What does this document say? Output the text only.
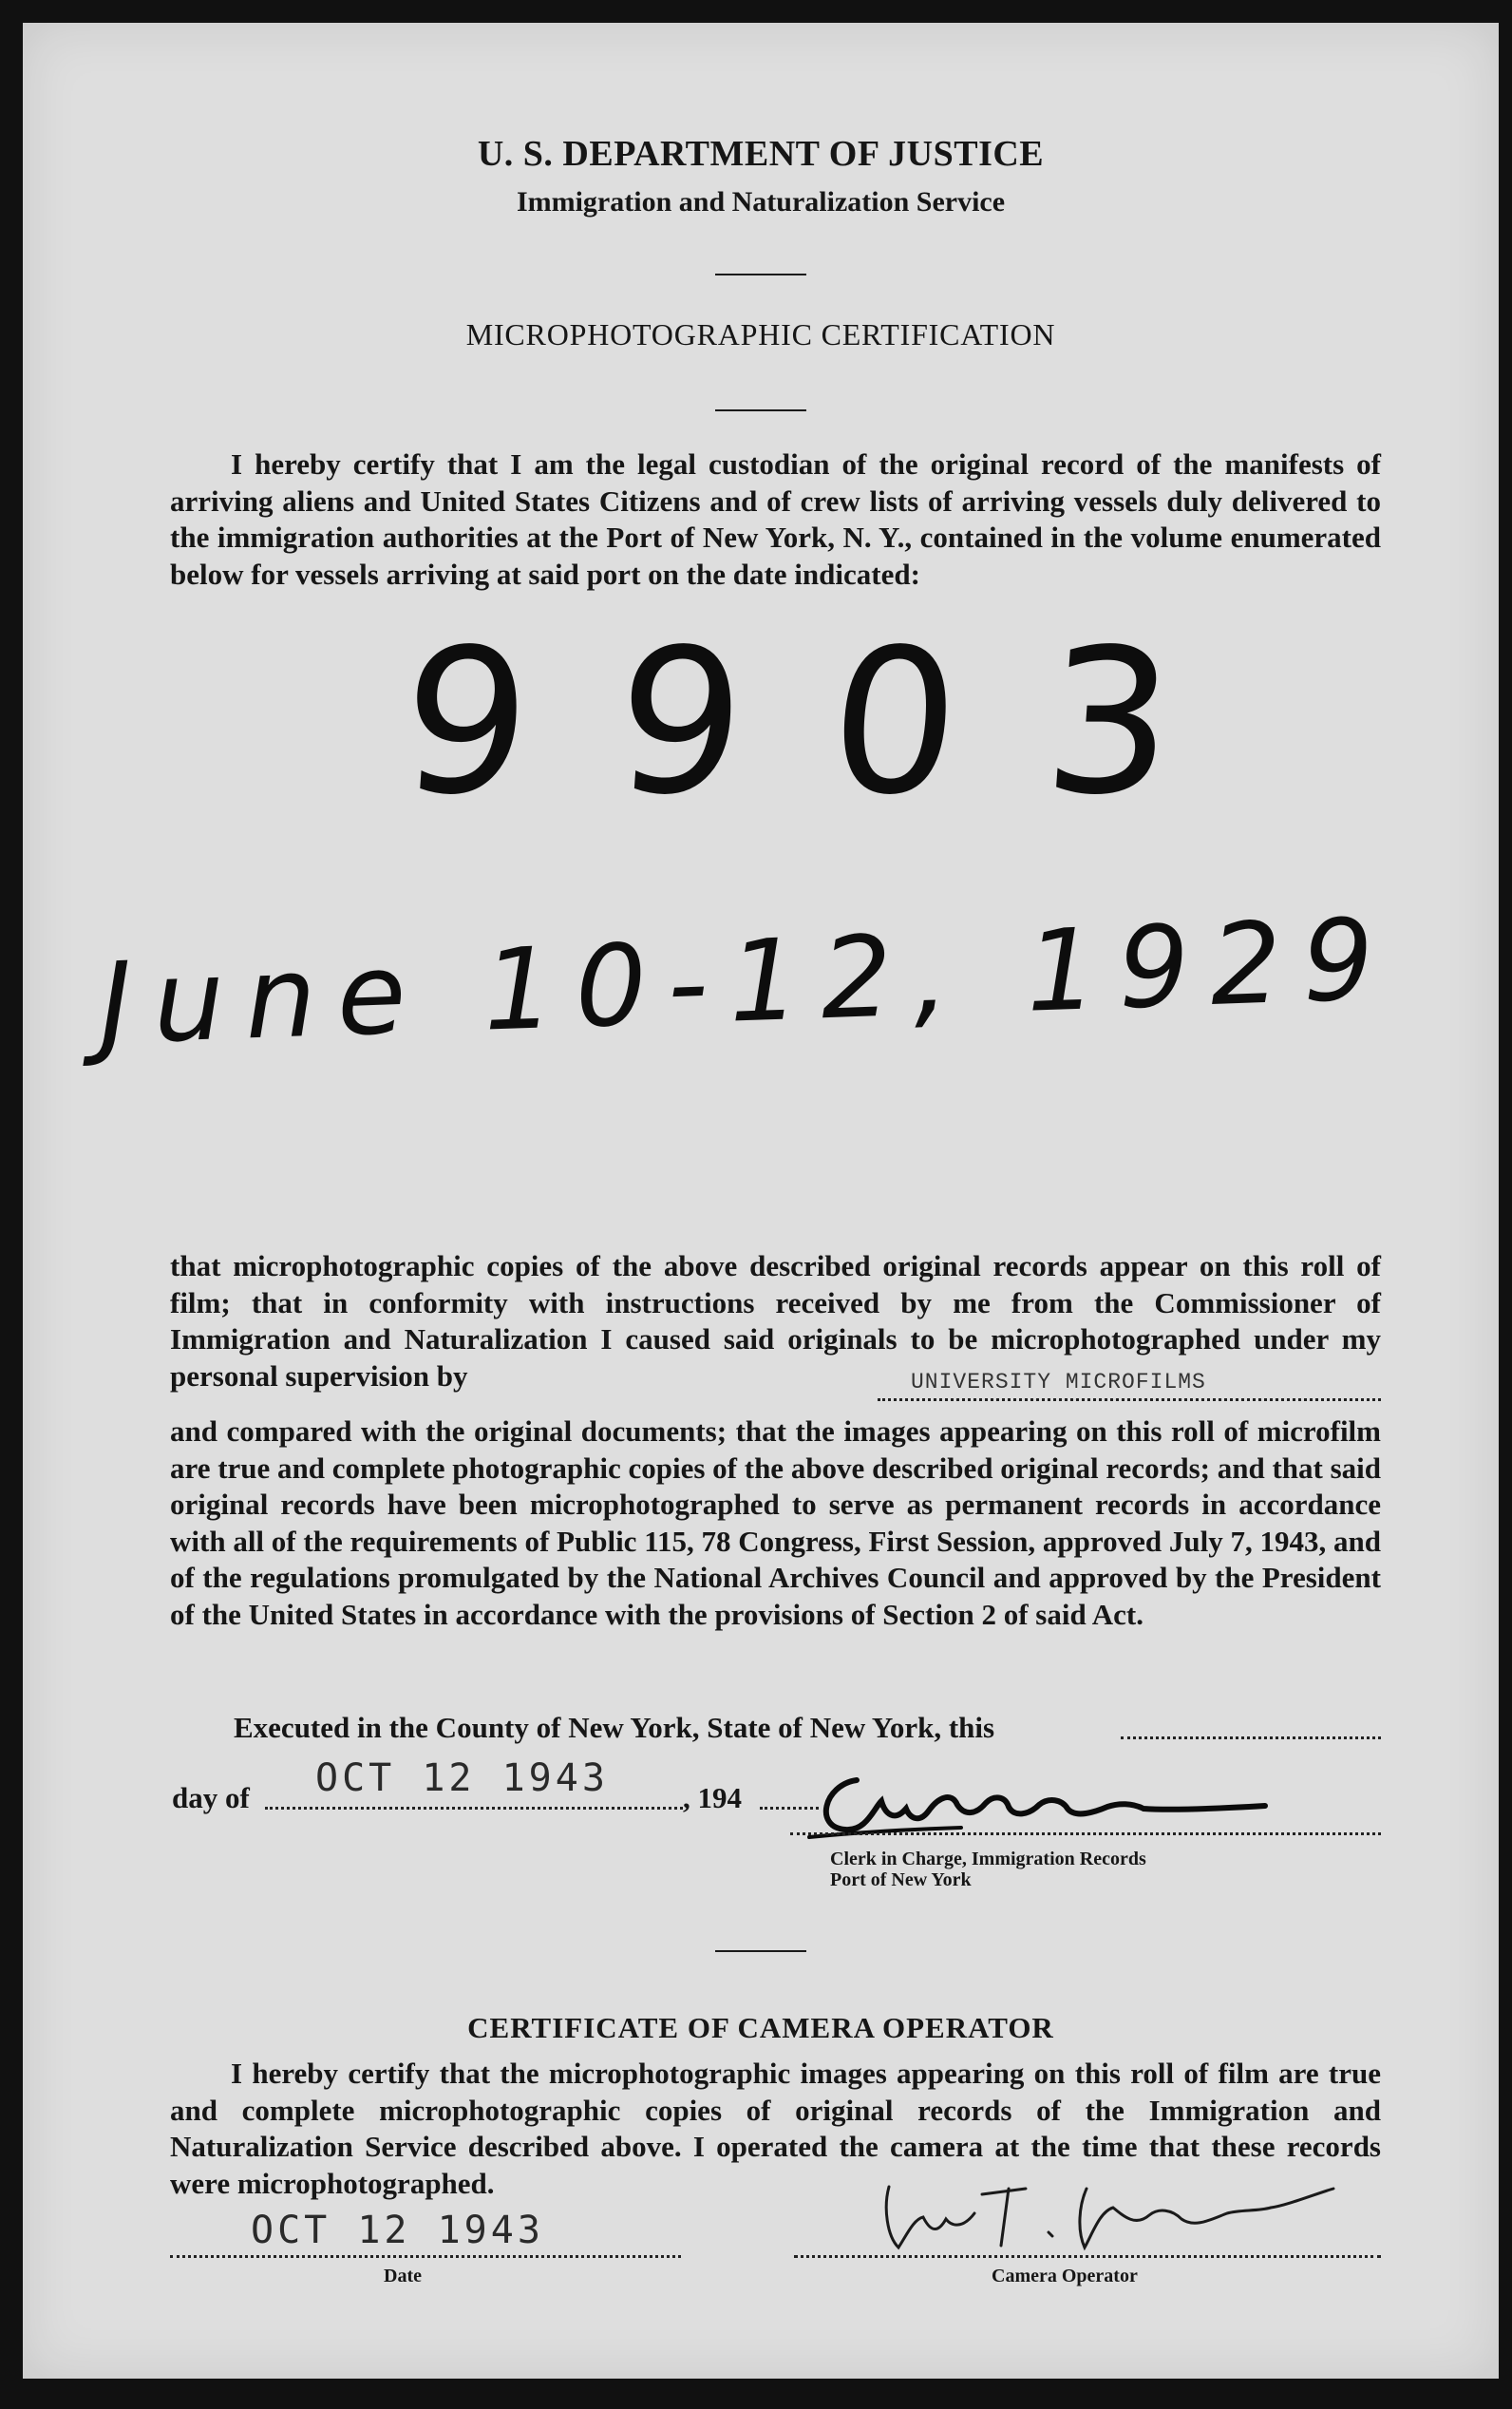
U. S. DEPARTMENT OF JUSTICE
Immigration and Naturalization Service
MICROPHOTOGRAPHIC CERTIFICATION

I hereby certify that I am the legal custodian of the original record of the manifests of arriving aliens and United States Citizens and of crew lists of arriving vessels duly delivered to the immigration authorities at the Port of New York, N. Y., contained in the volume enumerated below for vessels arriving at said port on the date indicated:

9903
June 10-12, 1929

that microphotographic copies of the above described original records appear on this roll of film; that in conformity with instructions received by me from the Commissioner of Immigration and Naturalization I caused said originals to be microphotographed under my personal supervision by	UNIVERSITY MICROFILMS

and compared with the original documents; that the images appearing on this roll of microfilm are true and complete photographic copies of the above described original records; and that said original records have been microphotographed to serve as permanent records in accordance with all of the requirements of Public 115, 78 Congress, First Session, approved July 7, 1943, and of the regulations promulgated by the National Archives Council and approved by the President of the United States in accordance with the provisions of Section 2 of said Act.

Executed in the County of New York, State of New York, this
day of OCT 12 1943	, 194
Clerk in Charge, Immigration Records
Port of New York
CERTIFICATE OF CAMERA OPERATOR

I hereby certify that the microphotographic images appearing on this roll of film are true and complete microphotographic copies of original records of the Immigration and Naturalization Service described above. I operated the camera at the time that these records were microphotographed.

OCT 12 1943
Date	Camera Operator
